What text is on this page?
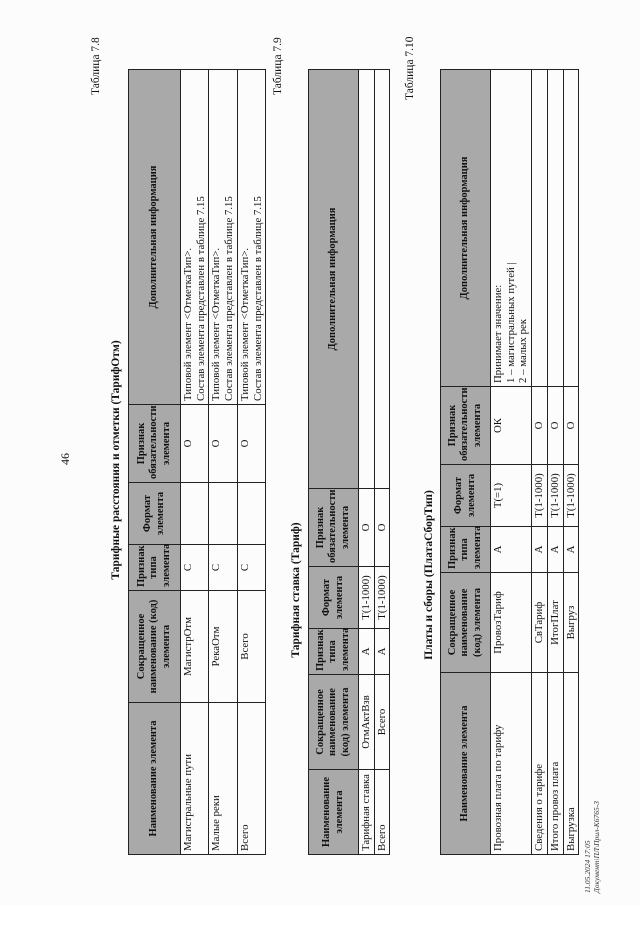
46
Таблица 7.8
Тарифные расстояния и отметки (ТарифОтм)
Наименование элемента	Сокращенное наименование (код) элемента	Признак типа элемента	Формат элемента	Признак обязательности элемента	Дополнительная информация
Магистральные пути	МагистрОтм	С		О	Типовой элемент <ОтметкаТип>. Состав элемента представлен в таблице 7.15

Малые реки	РекаОтм	С		О	Типовой элемент <ОтметкаТип>. Состав элемента представлен в таблице 7.15

Всего	Всего	С		О	Типовой элемент <ОтметкаТип>. Состав элемента представлен в таблице 7.15
Таблица 7.9
Тарифная ставка (Тариф)
Наименование элемента	Сокращенное наименование (код) элемента	Признак типа элемента	Формат элемента	Признак обязательности элемента	Дополнительная информация
Тарифная ставка	ОтмАктВзв	А	Т(1-1000)	О	
Всего	Всего	А	Т(1-1000)	О	
Таблица 7.10
Платы и сборы (ПлатаСборТип)
Наименование элемента	Сокращенное наименование (код) элемента	Признак типа элемента	Формат элемента	Признак обязательности элемента	Дополнительная информация
Провозная плата по тарифу	ПровозТариф	А	Т(=1)	ОК	Принимает значение: 1 – магистральных путей | 2 – малых рек

Сведения о тарифе	СвТариф	А	Т(1-1000)	О	
Итого провоз плата	ИтогПлат	А	Т(1-1000)	О	
Выгрузка	Выгруз	А	Т(1-1000)	О	
11.05.2024 17:05 Документ\ПЛ\Прил-К6765-3
